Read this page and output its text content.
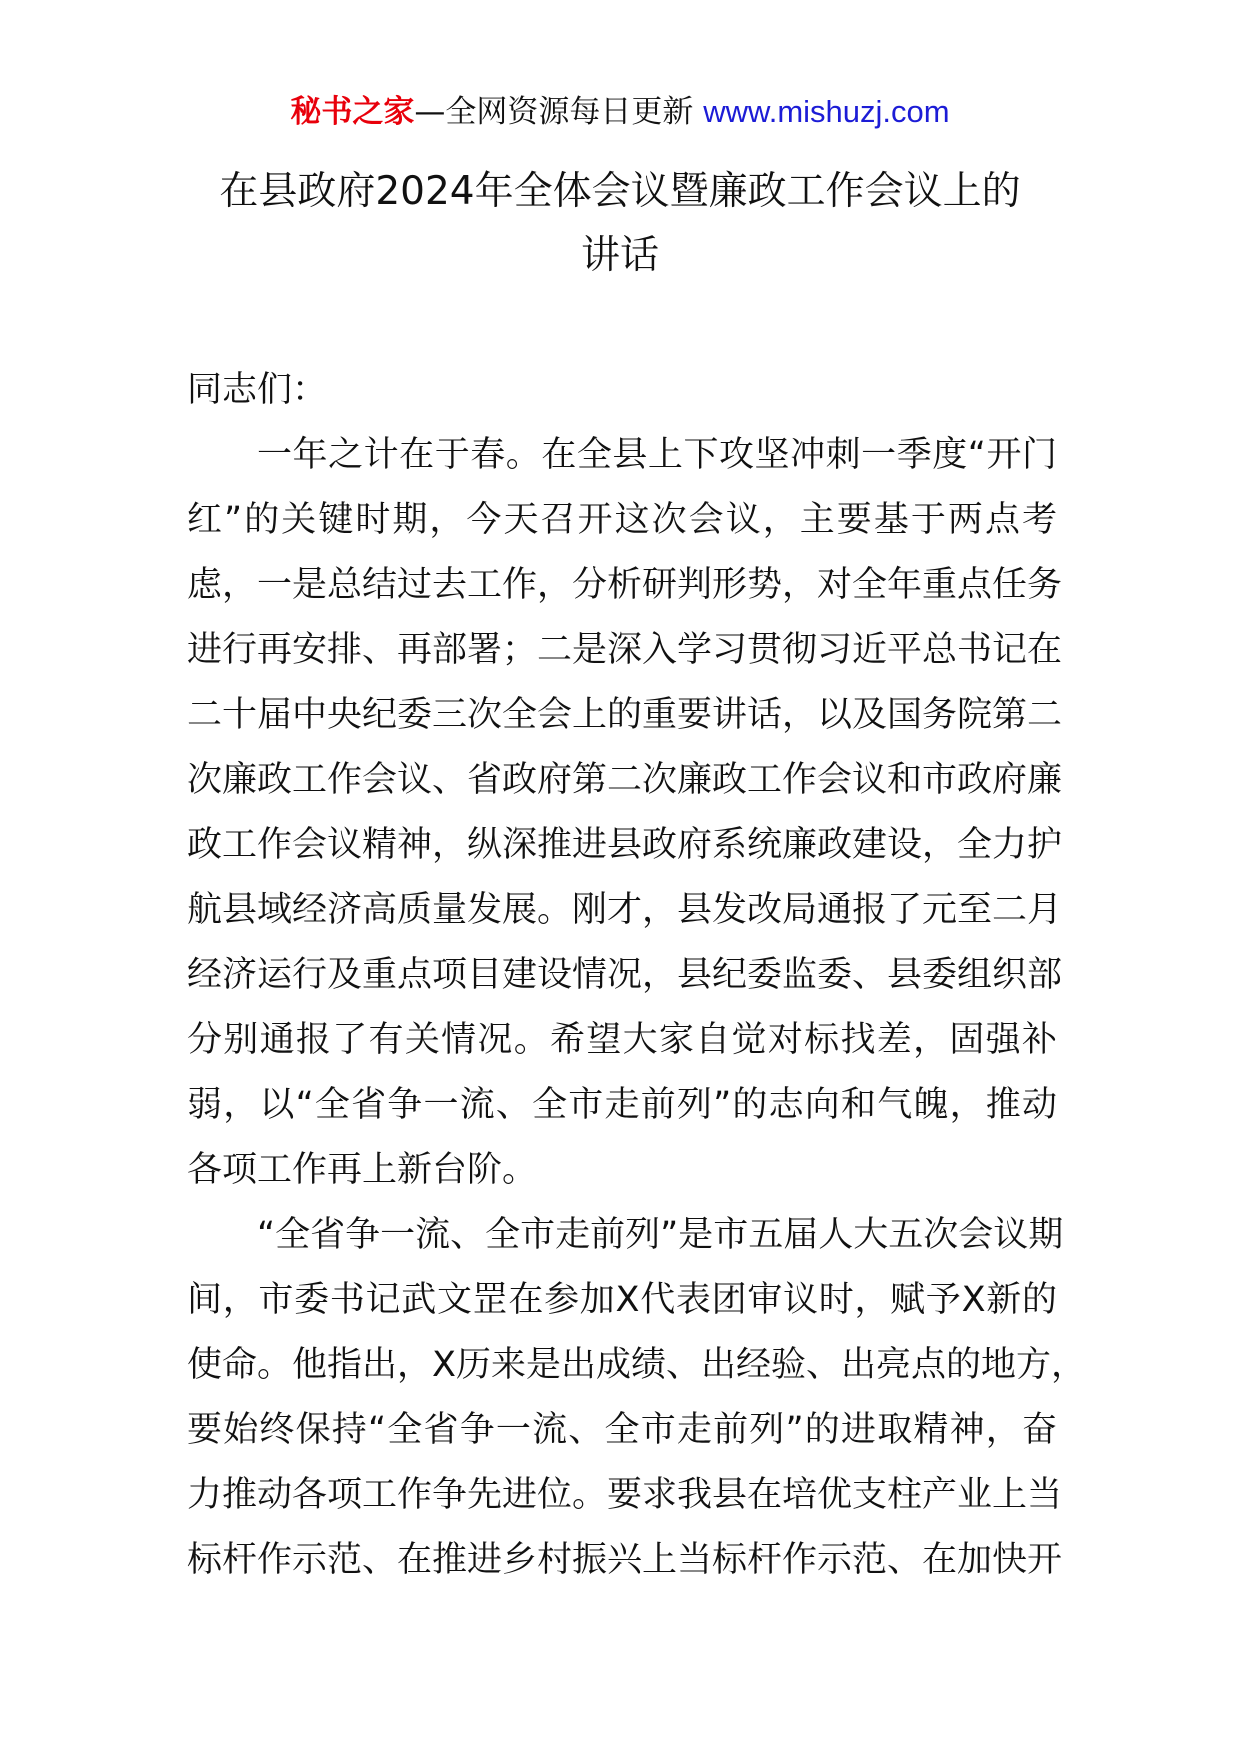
秘书之家—全网资源每日更新 www.mishuzj.com
在县政府2024年全体会议暨廉政工作会议上的
讲话
同志们：
一年之计在于春。在全县上下攻坚冲刺一季度“开门
红”的关键时期，今天召开这次会议，主要基于两点考
虑，一是总结过去工作，分析研判形势，对全年重点任务
进行再安排、再部署；二是深入学习贯彻习近平总书记在
二十届中央纪委三次全会上的重要讲话，以及国务院第二
次廉政工作会议、省政府第二次廉政工作会议和市政府廉
政工作会议精神，纵深推进县政府系统廉政建设，全力护
航县域经济高质量发展。刚才，县发改局通报了元至二月
经济运行及重点项目建设情况，县纪委监委、县委组织部
分别通报了有关情况。希望大家自觉对标找差，固强补
弱，以“全省争一流、全市走前列”的志向和气魄，推动
各项工作再上新台阶。
“全省争一流、全市走前列”是市五届人大五次会议期
间，市委书记武文罡在参加X代表团审议时，赋予X新的
使命。他指出，X历来是出成绩、出经验、出亮点的地方，
要始终保持“全省争一流、全市走前列”的进取精神，奋
力推动各项工作争先进位。要求我县在培优支柱产业上当
标杆作示范、在推进乡村振兴上当标杆作示范、在加快开
